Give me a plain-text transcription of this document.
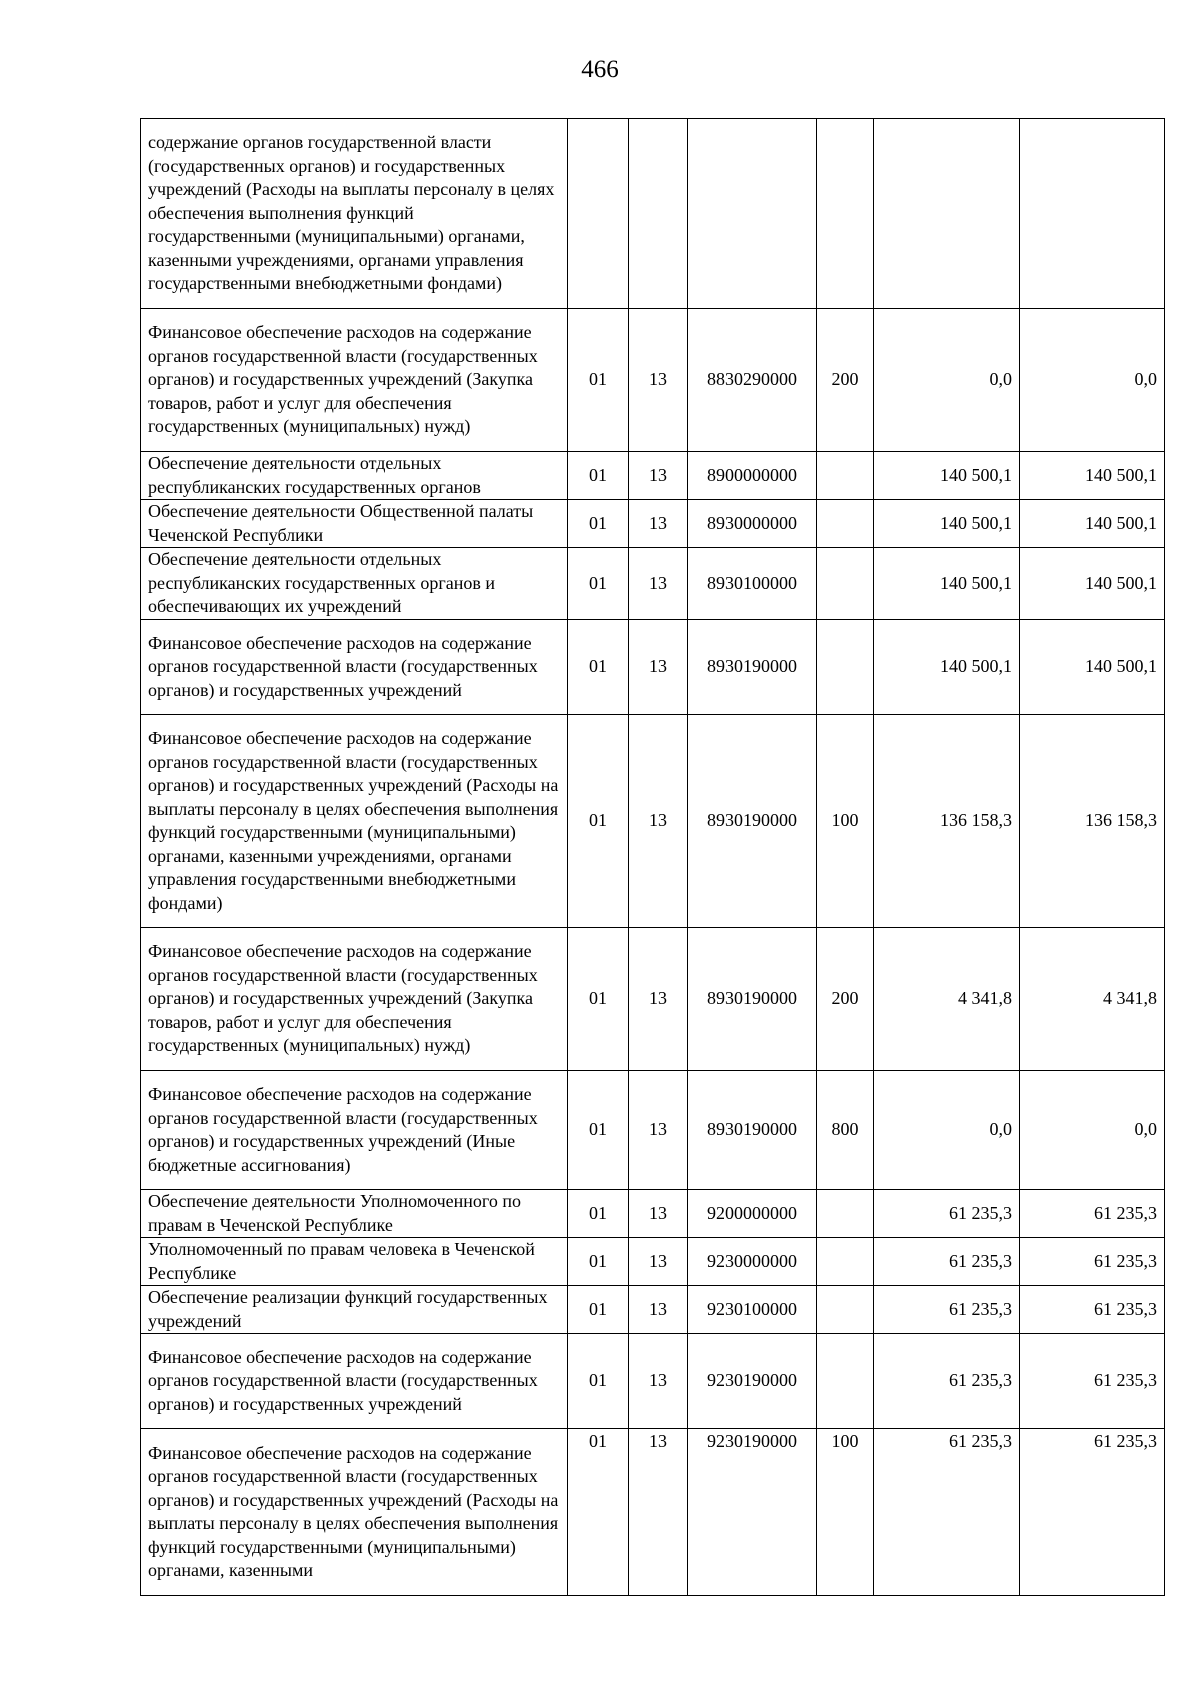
466
содержание органов государственной власти (государственных органов) и государственных учреждений (Расходы на выплаты персоналу в целях обеспечения выполнения функций государственными (муниципальными) органами, казенными учреждениями, органами управления государственными внебюджетными фондами)						
Финансовое обеспечение расходов на содержание органов государственной власти (государственных органов) и государственных учреждений (Закупка товаров, работ и услуг для обеспечения государственных (муниципальных) нужд)	01	13	8830290000	200	0,0	0,0
Обеспечение деятельности отдельных республиканских государственных органов	01	13	8900000000		140 500,1	140 500,1
Обеспечение деятельности Общественной палаты Чеченской Республики	01	13	8930000000		140 500,1	140 500,1
Обеспечение деятельности отдельных республиканских государственных органов и обеспечивающих их учреждений	01	13	8930100000		140 500,1	140 500,1
Финансовое обеспечение расходов на содержание органов государственной власти (государственных органов) и государственных учреждений	01	13	8930190000		140 500,1	140 500,1
Финансовое обеспечение расходов на содержание органов государственной власти (государственных органов) и государственных учреждений (Расходы на выплаты персоналу в целях обеспечения выполнения функций государственными (муниципальными) органами, казенными учреждениями, органами управления государственными внебюджетными фондами)	01	13	8930190000	100	136 158,3	136 158,3
Финансовое обеспечение расходов на содержание органов государственной власти (государственных органов) и государственных учреждений (Закупка товаров, работ и услуг для обеспечения государственных (муниципальных) нужд)	01	13	8930190000	200	4 341,8	4 341,8
Финансовое обеспечение расходов на содержание органов государственной власти (государственных органов) и государственных учреждений (Иные бюджетные ассигнования)	01	13	8930190000	800	0,0	0,0
Обеспечение деятельности Уполномоченного по правам в Чеченской Республике	01	13	9200000000		61 235,3	61 235,3
Уполномоченный по правам человека в Чеченской Республике	01	13	9230000000		61 235,3	61 235,3
Обеспечение реализации функций государственных учреждений	01	13	9230100000		61 235,3	61 235,3
Финансовое обеспечение расходов на содержание органов государственной власти (государственных органов) и государственных учреждений	01	13	9230190000		61 235,3	61 235,3
Финансовое обеспечение расходов на содержание органов государственной власти (государственных органов) и государственных учреждений (Расходы на выплаты персоналу в целях обеспечения выполнения функций государственными (муниципальными) органами, казенными	01	13	9230190000	100	61 235,3	61 235,3
